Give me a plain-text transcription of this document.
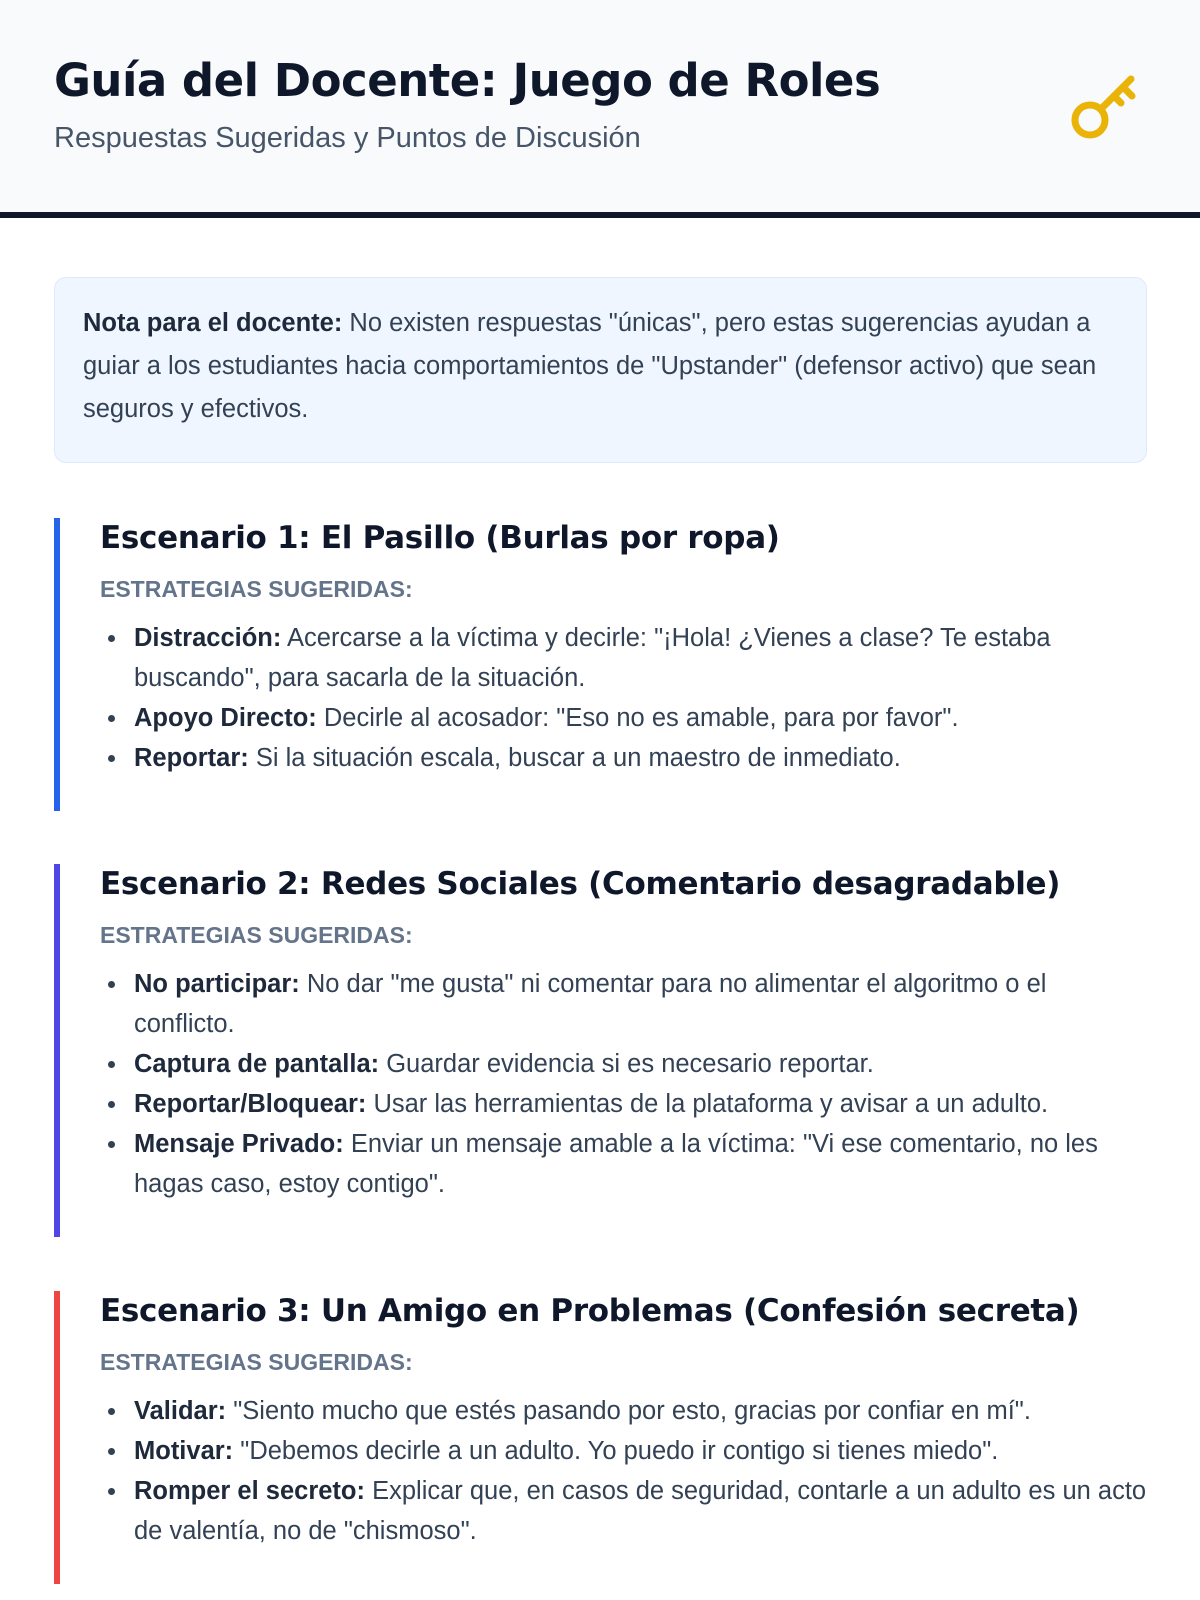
Guía del Docente: Juego de Roles

Respuestas Sugeridas y Puntos de Discusión

Nota para el docente: No existen respuestas "únicas", pero estas sugerencias ayudan a guiar a los estudiantes hacia comportamientos de "Upstander" (defensor activo) que sean seguros y efectivos.
Escenario 1: El Pasillo (Burlas por ropa)
ESTRATEGIAS SUGERIDAS:
Distracción: Acercarse a la víctima y decirle: "¡Hola! ¿Vienes a clase? Te estaba buscando", para sacarla de la situación.
Apoyo Directo: Decirle al acosador: "Eso no es amable, para por favor".
Reportar: Si la situación escala, buscar a un maestro de inmediato.
Escenario 2: Redes Sociales (Comentario desagradable)
ESTRATEGIAS SUGERIDAS:
No participar: No dar "me gusta" ni comentar para no alimentar el algoritmo o el conflicto.
Captura de pantalla: Guardar evidencia si es necesario reportar.
Reportar/Bloquear: Usar las herramientas de la plataforma y avisar a un adulto.
Mensaje Privado: Enviar un mensaje amable a la víctima: "Vi ese comentario, no les hagas caso, estoy contigo".
Escenario 3: Un Amigo en Problemas (Confesión secreta)
ESTRATEGIAS SUGERIDAS:
Validar: "Siento mucho que estés pasando por esto, gracias por confiar en mí".
Motivar: "Debemos decirle a un adulto. Yo puedo ir contigo si tienes miedo".
Romper el secreto: Explicar que, en casos de seguridad, contarle a un adulto es un acto de valentía, no de "chismoso".
